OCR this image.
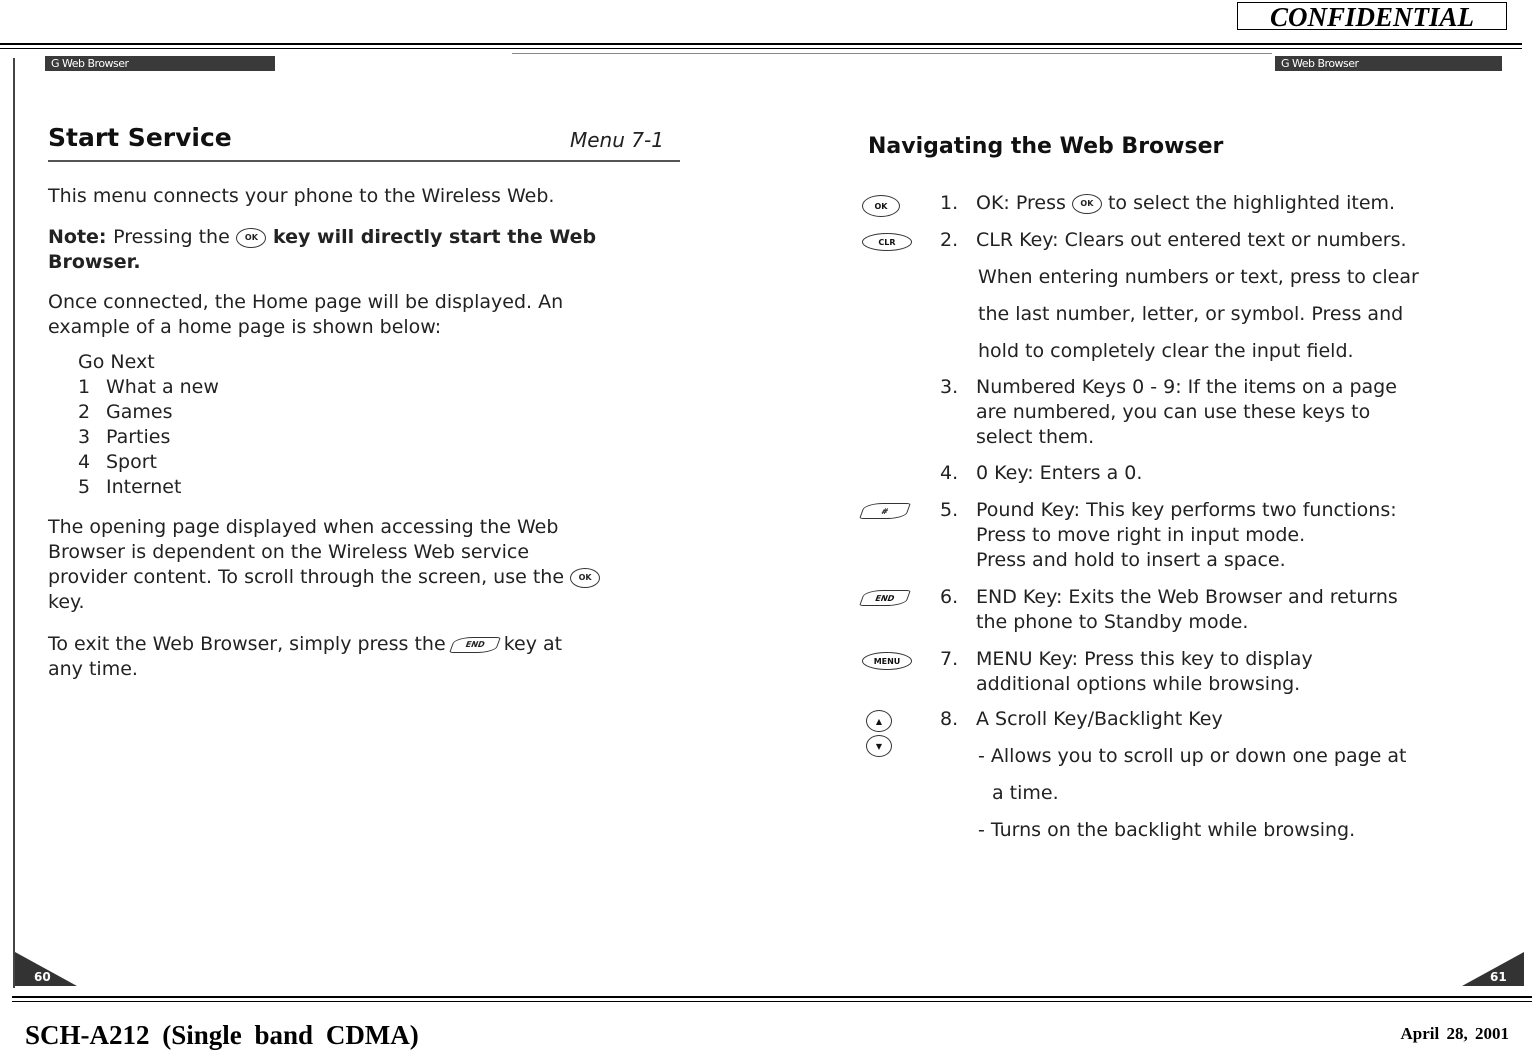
CONFIDENTIAL
G Web Browser	G Web Browser
Start Service	Menu 7-1

This menu connects your phone to the Wireless Web.

Note: Pressing the OK key will directly start the Web
Browser.

Once connected, the Home page will be displayed. An
example of a home page is shown below:

Go Next
1 What a new
2 Games
3 Parties
4 Sport
5 Internet

The opening page displayed when accessing the Web
Browser is dependent on the Wireless Web service
provider content. To scroll through the screen, use the OK
key.

To exit the Web Browser, simply press the END key at
any time.

60
Navigating the Web Browser
OK	1. OK: Press OK to select the highlighted item.
CLR	2. CLR Key: Clears out entered text or numbers.
When entering numbers or text, press to clear
the last number, letter, or symbol. Press and
hold to completely clear the input field.
3. Numbered Keys 0 - 9: If the items on a page
are numbered, you can use these keys to
select them.
4. 0 Key: Enters a 0.
#	5. Pound Key: This key performs two functions:
Press to move right in input mode.
Press and hold to insert a space.
END	6. END Key: Exits the Web Browser and returns
the phone to Standby mode.
MENU	7. MENU Key: Press this key to display
additional options while browsing.
▲
▼
8. A Scroll Key/Backlight Key
- Allows you to scroll up or down one page at
a time.
- Turns on the backlight while browsing.
61
SCH-A212 (Single band CDMA)	April 28, 2001
